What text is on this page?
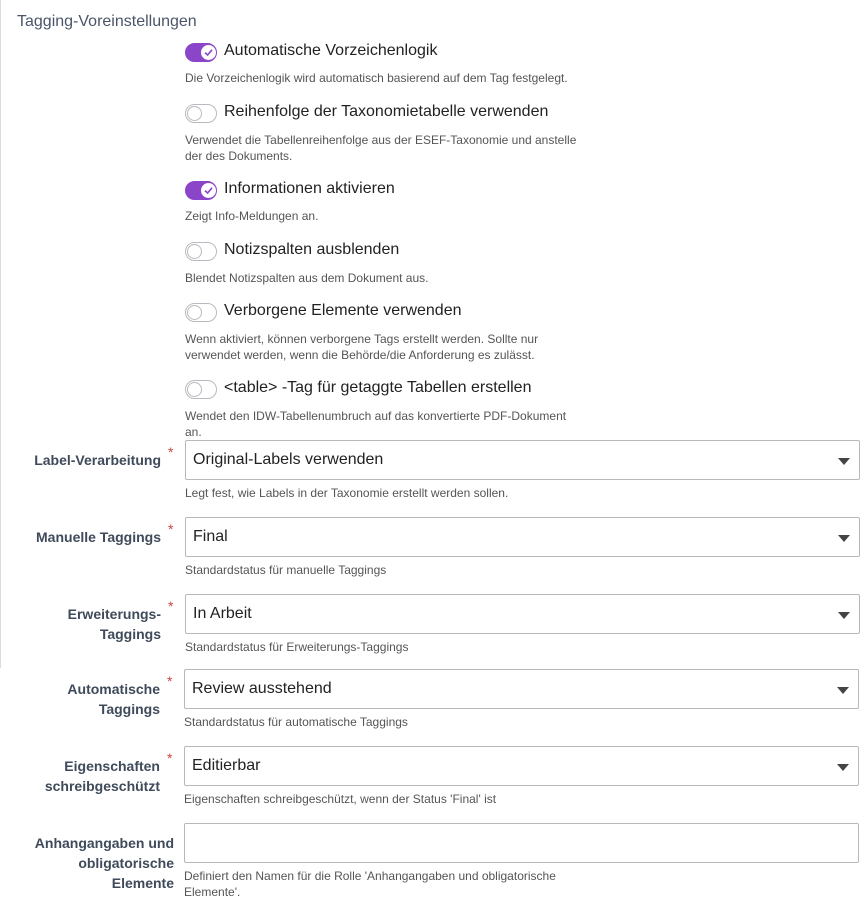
Tagging-Voreinstellungen
Automatische Vorzeichenlogik
Die Vorzeichenlogik wird automatisch basierend auf dem Tag festgelegt.
Reihenfolge der Taxonomietabelle verwenden
Verwendet die Tabellenreihenfolge aus der ESEF-Taxonomie und anstelle
der des Dokuments.
Informationen aktivieren
Zeigt Info-Meldungen an.
Notizspalten ausblenden
Blendet Notizspalten aus dem Dokument aus.
Verborgene Elemente verwenden
Wenn aktiviert, können verborgene Tags erstellt werden. Sollte nur
verwendet werden, wenn die Behörde/die Anforderung es zulässt.
<table> -Tag für getaggte Tabellen erstellen
Wendet den IDW-Tabellenumbruch auf das konvertierte PDF-Dokument an.
Label-Verarbeitung * Original-Labels verwenden
Legt fest, wie Labels in der Taxonomie erstellt werden sollen.
Manuelle Taggings * Final
Standardstatus für manuelle Taggings
Erweiterungs-
Taggings
* In Arbeit
Standardstatus für Erweiterungs-Taggings
Automatische
Taggings
* Review ausstehend
Standardstatus für automatische Taggings
Eigenschaften
schreibgeschützt
* Editierbar
Eigenschaften schreibgeschützt, wenn der Status 'Final' ist
Anhangangaben und
obligatorische
Elemente Definiert den Namen für die Rolle 'Anhangangaben und obligatorische
Elemente'.
